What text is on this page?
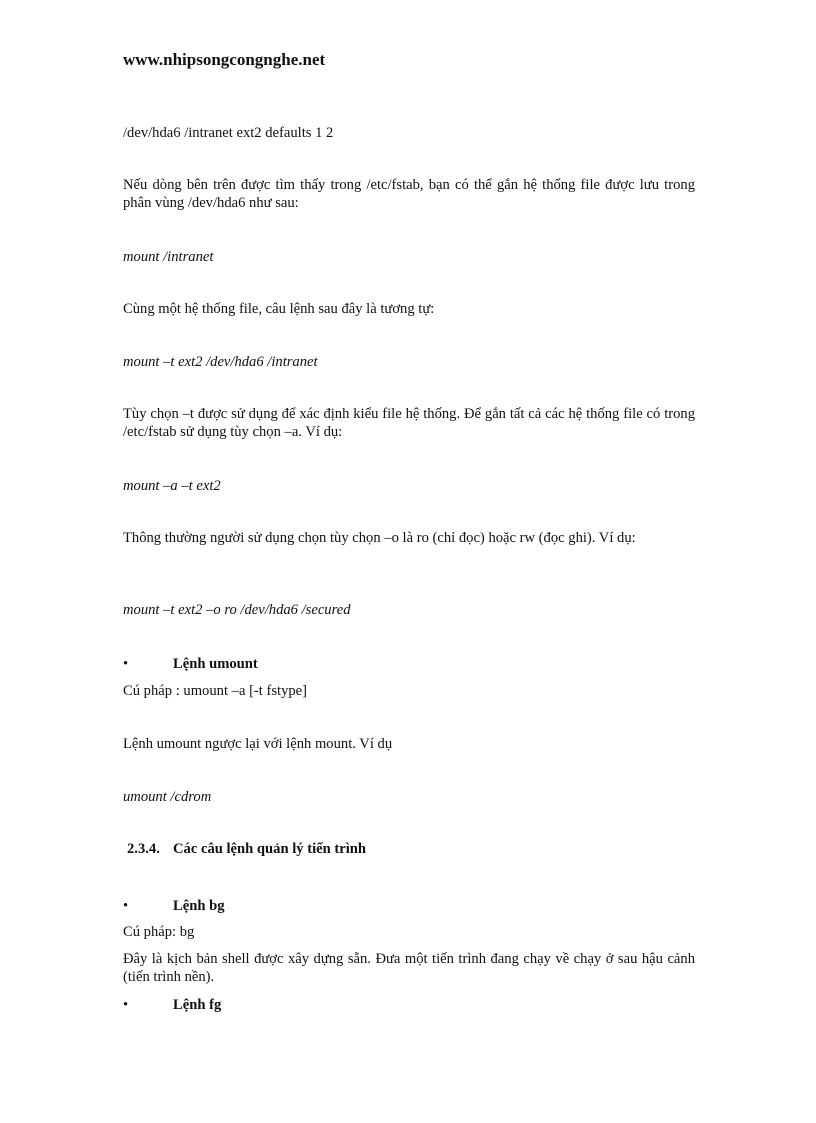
www.nhipsongcongnghe.net

/dev/hda6 /intranet ext2 defaults 1 2

Nếu dòng bên trên được tìm thấy trong /etc/fstab, bạn có thể gắn hệ thống file được lưu trong phân vùng /dev/hda6 như sau:

mount /intranet

Cùng một hệ thống file, câu lệnh sau đây là tương tự:

mount –t ext2 /dev/hda6 /intranet

Tùy chọn –t được sử dụng để xác định kiểu file hệ thống. Để gắn tất cả các hệ thống file có trong /etc/fstab sử dụng tùy chọn –a. Ví dụ:

mount –a –t ext2

Thông thường người sử dụng chọn tùy chọn –o là ro (chỉ đọc) hoặc rw (đọc ghi). Ví dụ:

mount –t ext2 –o ro /dev/hda6 /secured

•	Lệnh umount

Cú pháp : umount –a [-t fstype]

Lệnh umount ngược lại với lệnh mount. Ví dụ

umount /cdrom

2.3.4. Các câu lệnh quản lý tiến trình
•	Lệnh bg

Cú pháp: bg

Đây là kịch bản shell được xây dựng sẵn. Đưa một tiến trình đang chạy về chạy ở sau hậu cảnh (tiến trình nền).

•	Lệnh fg
